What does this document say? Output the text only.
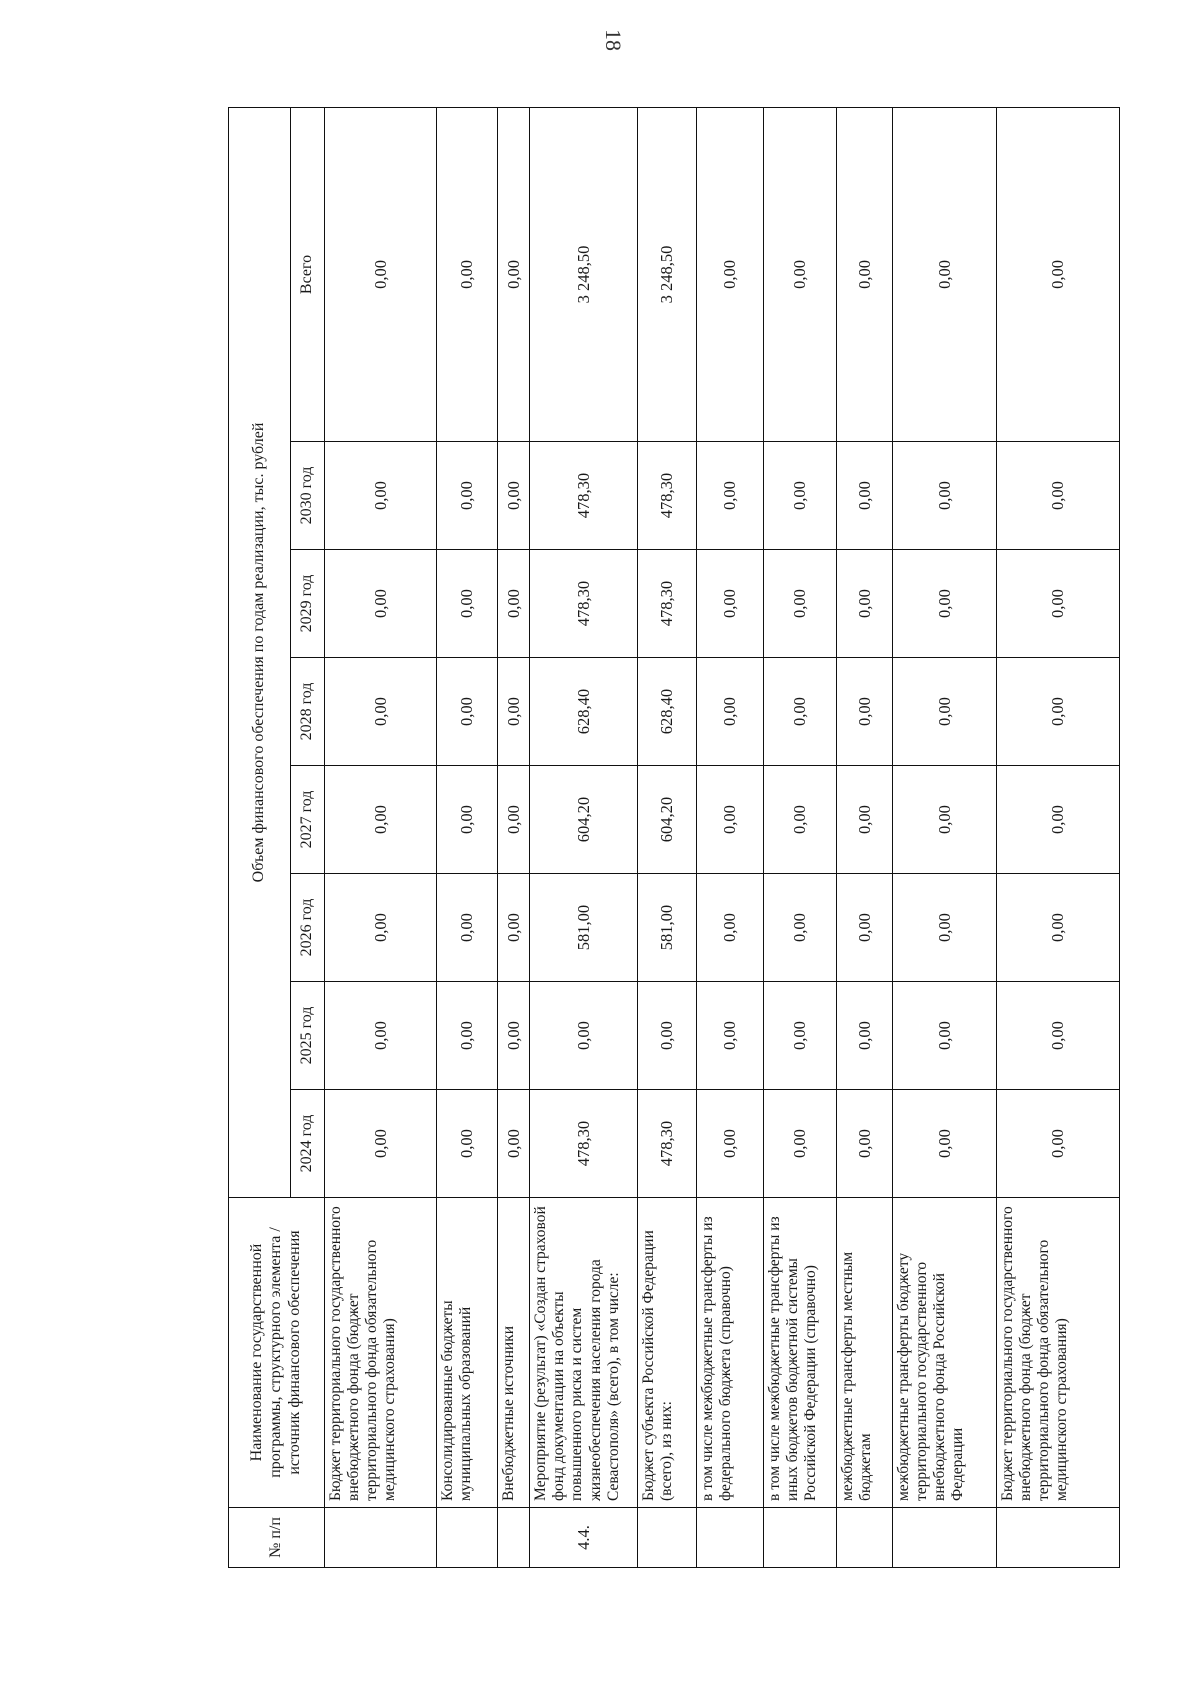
18
№ п/п	Наименование государственной программы, структурного элемента / источник финансового обеспечения	Объем финансового обеспечения по годам реализации, тыс. рублей							
		2024 год	2025 год	2026 год	2027 год	2028 год	2029 год	2030 год	Всего
	Бюджет территориального государственного внебюджетного фонда (бюджет территориального фонда обязательного медицинского страхования)	0,00	0,00	0,00	0,00	0,00	0,00	0,00	0,00
	Консолидированные бюджеты муниципальных образований	0,00	0,00	0,00	0,00	0,00	0,00	0,00	0,00
	Внебюджетные источники	0,00	0,00	0,00	0,00	0,00	0,00	0,00	0,00
4.4.	Мероприятие (результат) «Создан страховой фонд документации на объекты повышенного риска и систем жизнеобеспечения населения города Севастополя» (всего), в том числе:	478,30	0,00	581,00	604,20	628,40	478,30	478,30	3 248,50
	Бюджет субъекта Российской Федерации (всего), из них:	478,30	0,00	581,00	604,20	628,40	478,30	478,30	3 248,50
	в том числе межбюджетные трансферты из федерального бюджета (справочно)	0,00	0,00	0,00	0,00	0,00	0,00	0,00	0,00
	в том числе межбюджетные трансферты из иных бюджетов бюджетной системы Российской Федерации (справочно)	0,00	0,00	0,00	0,00	0,00	0,00	0,00	0,00
	межбюджетные трансферты местным бюджетам	0,00	0,00	0,00	0,00	0,00	0,00	0,00	0,00
	межбюджетные трансферты бюджету территориального государственного внебюджетного фонда Российской Федерации	0,00	0,00	0,00	0,00	0,00	0,00	0,00	0,00
	Бюджет территориального государственного внебюджетного фонда (бюджет территориального фонда обязательного медицинского страхования)	0,00	0,00	0,00	0,00	0,00	0,00	0,00	0,00
